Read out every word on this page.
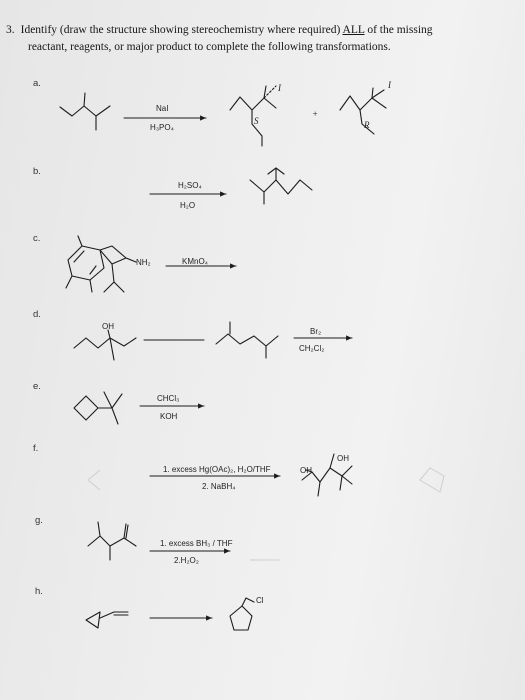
3. Identify (draw the structure showing stereochemistry where required) ALL of the missing
reactant, reagents, or major product to complete the following transformations.
a.
b.
c.
d.
e.
f.
g.
h.
NaI
H₃PO₄
H₂SO₄
H₂O
NH₂	KMnO₄
OH
Br₂
CH₂Cl₂
CHCl₃
KOH
1. excess Hg(OAc)₂, H₂O/THF
2. NaBH₄
OH
OH
1. excess BH₃ / THF
2.H₂O₂
Cl
I
S
+
I
R
